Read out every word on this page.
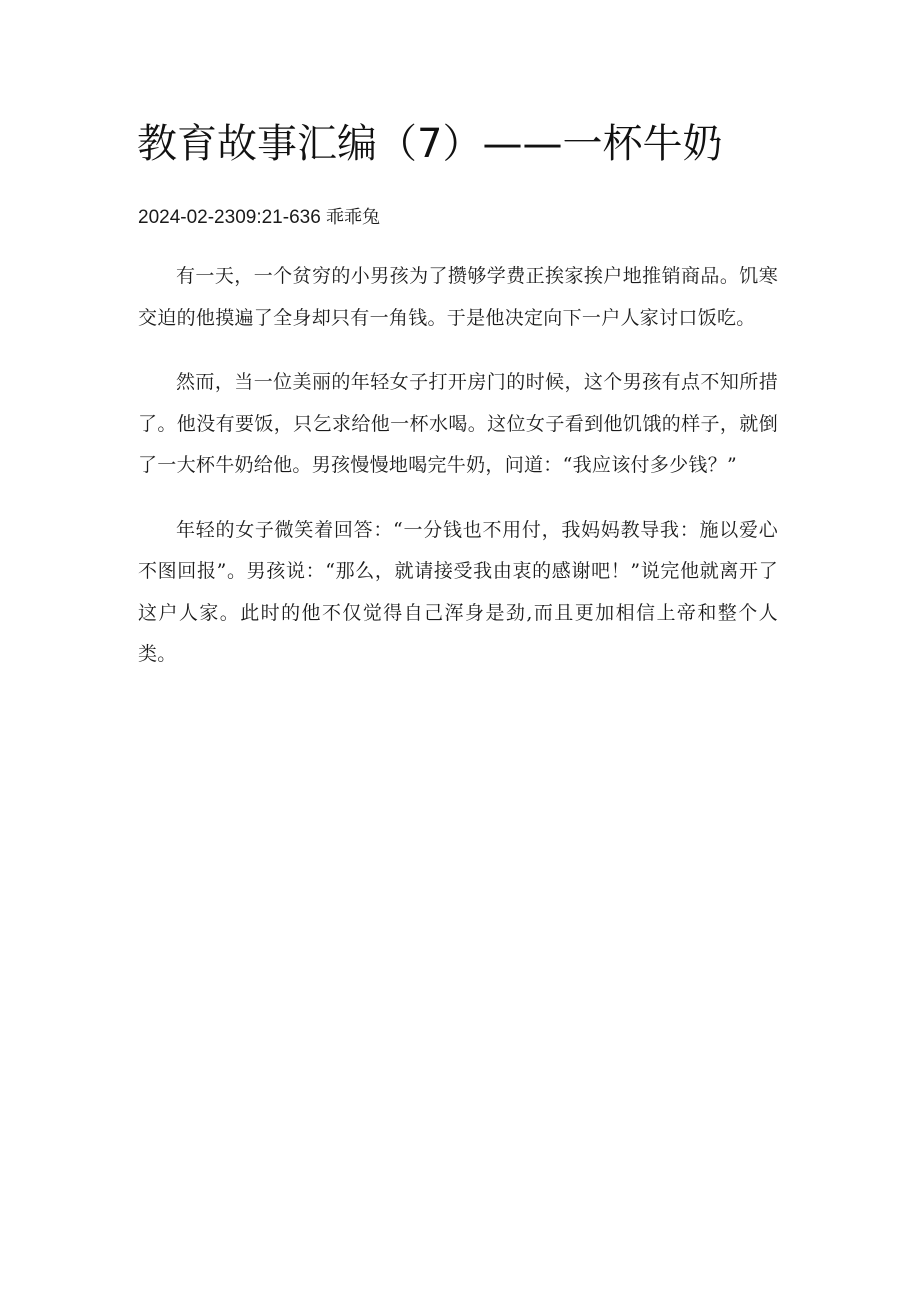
教育故事汇编（7）——一杯牛奶
2024-02-2309:21-636 乖乖兔

有一天，一个贫穷的小男孩为了攒够学费正挨家挨户地推销商品。饥寒交迫的他摸遍了全身却只有一角钱。于是他决定向下一户人家讨口饭吃。

然而，当一位美丽的年轻女子打开房门的时候，这个男孩有点不知所措了。他没有要饭，只乞求给他一杯水喝。这位女子看到他饥饿的样子，就倒了一大杯牛奶给他。男孩慢慢地喝完牛奶，问道：“我应该付多少钱？”

年轻的女子微笑着回答：“一分钱也不用付，我妈妈教导我：施以爱心不图回报”。男孩说：“那么，就请接受我由衷的感谢吧！”说完他就离开了这户人家。此时的他不仅觉得自己浑身是劲,而且更加相信上帝和整个人类。
